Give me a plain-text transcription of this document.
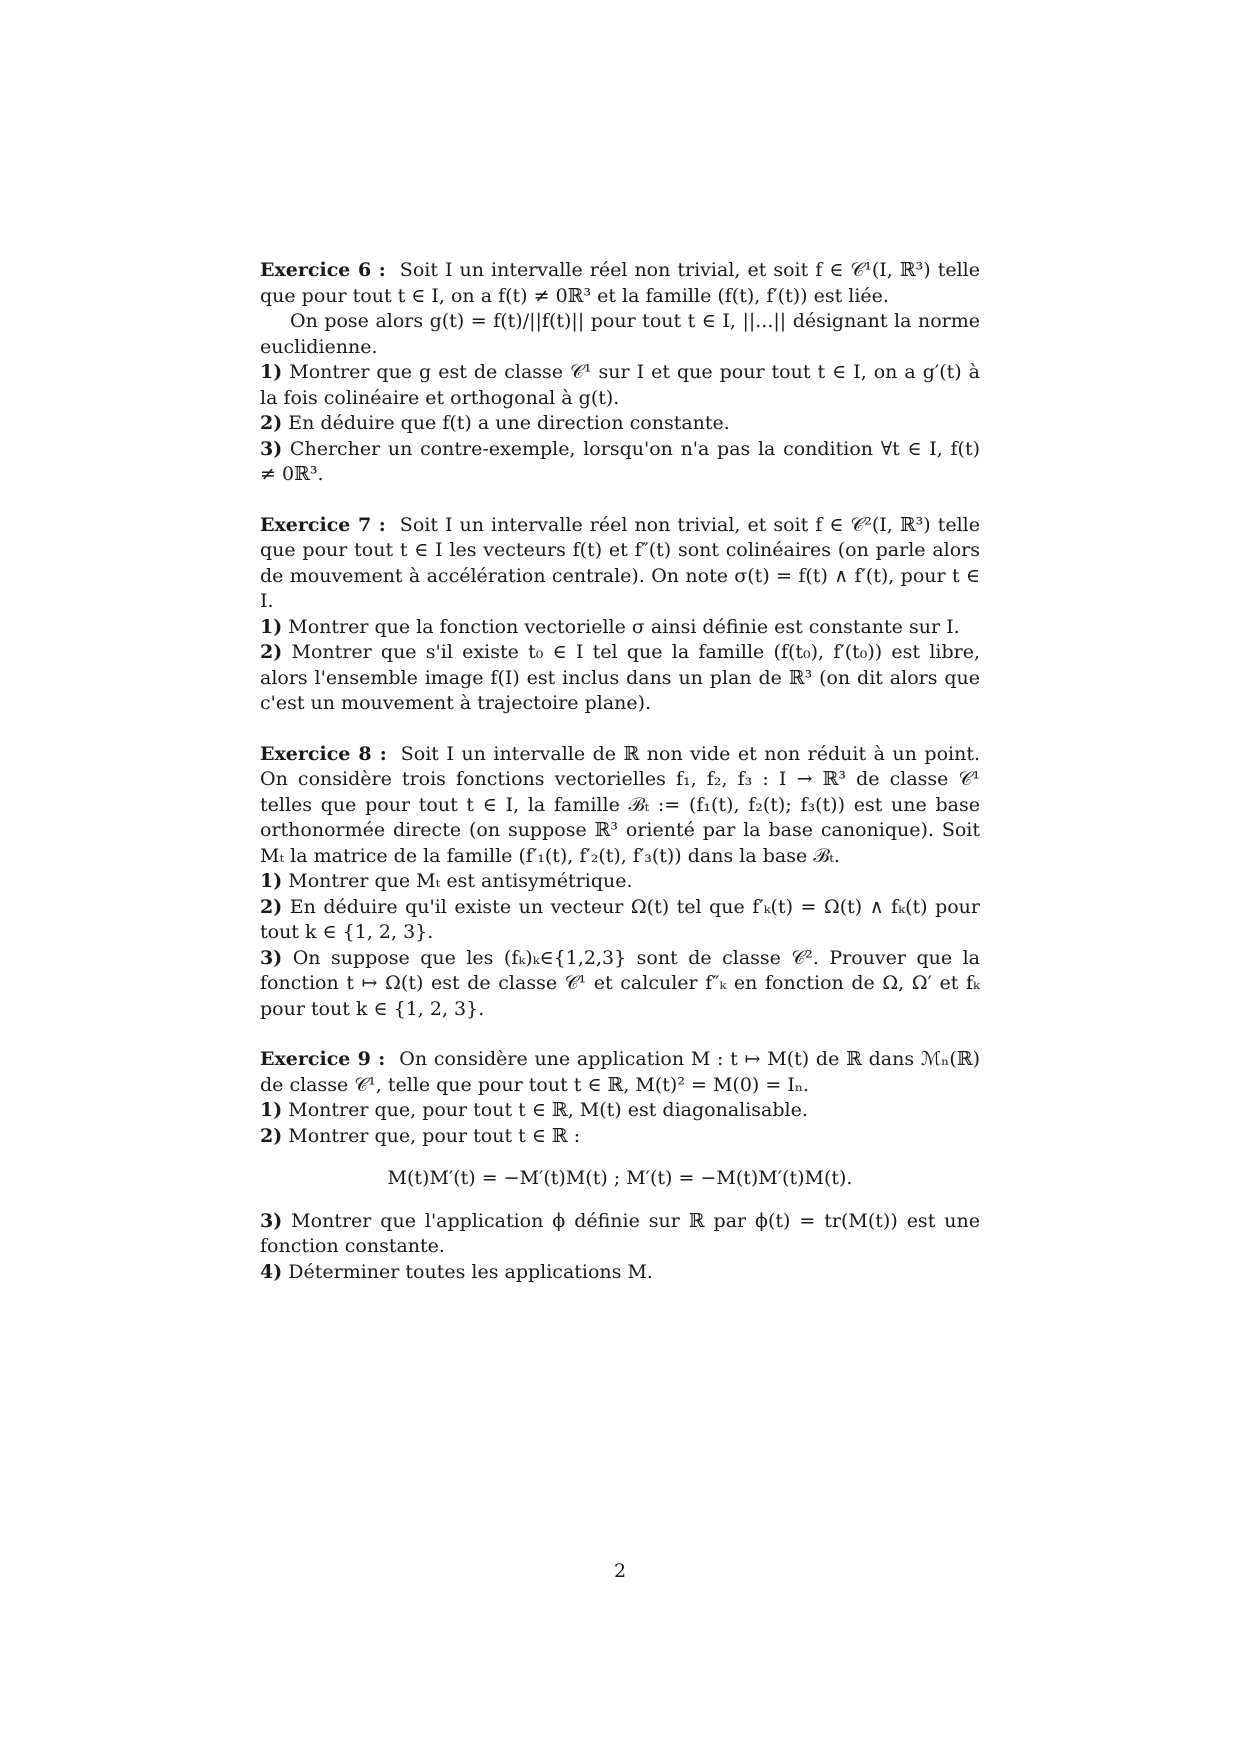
Exercice 6 : Soit I un intervalle réel non trivial, et soit f ∈ 𝒞¹(I, ℝ³) telle que pour tout t ∈ I, on a f(t) ≠ 0ℝ³ et la famille (f(t), f′(t)) est liée.

On pose alors g(t) = f(t)/||f(t)|| pour tout t ∈ I, ||...|| désignant la norme euclidienne.

1) Montrer que g est de classe 𝒞¹ sur I et que pour tout t ∈ I, on a g′(t) à la fois colinéaire et orthogonal à g(t).

2) En déduire que f(t) a une direction constante.

3) Chercher un contre-exemple, lorsqu'on n'a pas la condition ∀t ∈ I, f(t) ≠ 0ℝ³.

Exercice 7 : Soit I un intervalle réel non trivial, et soit f ∈ 𝒞²(I, ℝ³) telle que pour tout t ∈ I les vecteurs f(t) et f″(t) sont colinéaires (on parle alors de mouvement à accélération centrale). On note σ(t) = f(t) ∧ f′(t), pour t ∈ I.

1) Montrer que la fonction vectorielle σ ainsi définie est constante sur I.

2) Montrer que s'il existe t₀ ∈ I tel que la famille (f(t₀), f′(t₀)) est libre, alors l'ensemble image f(I) est inclus dans un plan de ℝ³ (on dit alors que c'est un mouvement à trajectoire plane).

Exercice 8 : Soit I un intervalle de ℝ non vide et non réduit à un point. On considère trois fonctions vectorielles f₁, f₂, f₃ : I → ℝ³ de classe 𝒞¹ telles que pour tout t ∈ I, la famille ℬₜ := (f₁(t), f₂(t); f₃(t)) est une base orthonormée directe (on suppose ℝ³ orienté par la base canonique). Soit Mₜ la matrice de la famille (f′₁(t), f′₂(t), f′₃(t)) dans la base ℬₜ.

1) Montrer que Mₜ est antisymétrique.

2) En déduire qu'il existe un vecteur Ω(t) tel que f′ₖ(t) = Ω(t) ∧ fₖ(t) pour tout k ∈ {1, 2, 3}.

3) On suppose que les (fₖ)ₖ∈{1,2,3} sont de classe 𝒞². Prouver que la fonction t ↦ Ω(t) est de classe 𝒞¹ et calculer f″ₖ en fonction de Ω, Ω′ et fₖ pour tout k ∈ {1, 2, 3}.

Exercice 9 : On considère une application M : t ↦ M(t) de ℝ dans ℳₙ(ℝ) de classe 𝒞¹, telle que pour tout t ∈ ℝ, M(t)² = M(0) = Iₙ.

1) Montrer que, pour tout t ∈ ℝ, M(t) est diagonalisable.

2) Montrer que, pour tout t ∈ ℝ :

M(t)M′(t) = −M′(t)M(t) ; M′(t) = −M(t)M′(t)M(t).

3) Montrer que l'application ϕ définie sur ℝ par ϕ(t) = tr(M(t)) est une fonction constante.

4) Déterminer toutes les applications M.

2
